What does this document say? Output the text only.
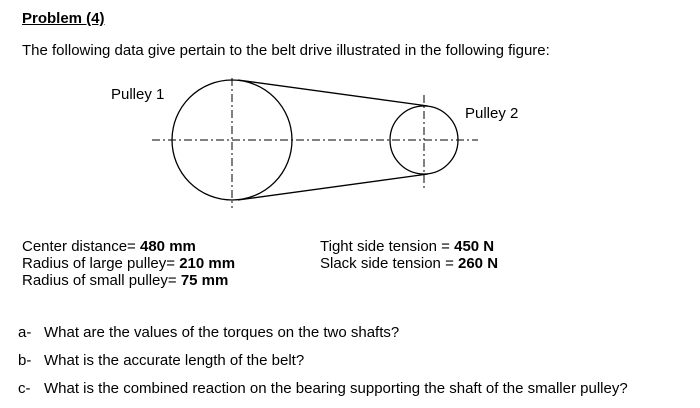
Problem (4)
The following data give pertain to the belt drive illustrated in the following figure:
Pulley 1
Pulley 2
Center distance= 480 mm
Radius of large pulley= 210 mm
Radius of small pulley= 75 mm
Tight side tension = 450 N
Slack side tension = 260 N
a- What are the values of the torques on the two shafts?
b- What is the accurate length of the belt?
c- What is the combined reaction on the bearing supporting the shaft of the smaller pulley?
